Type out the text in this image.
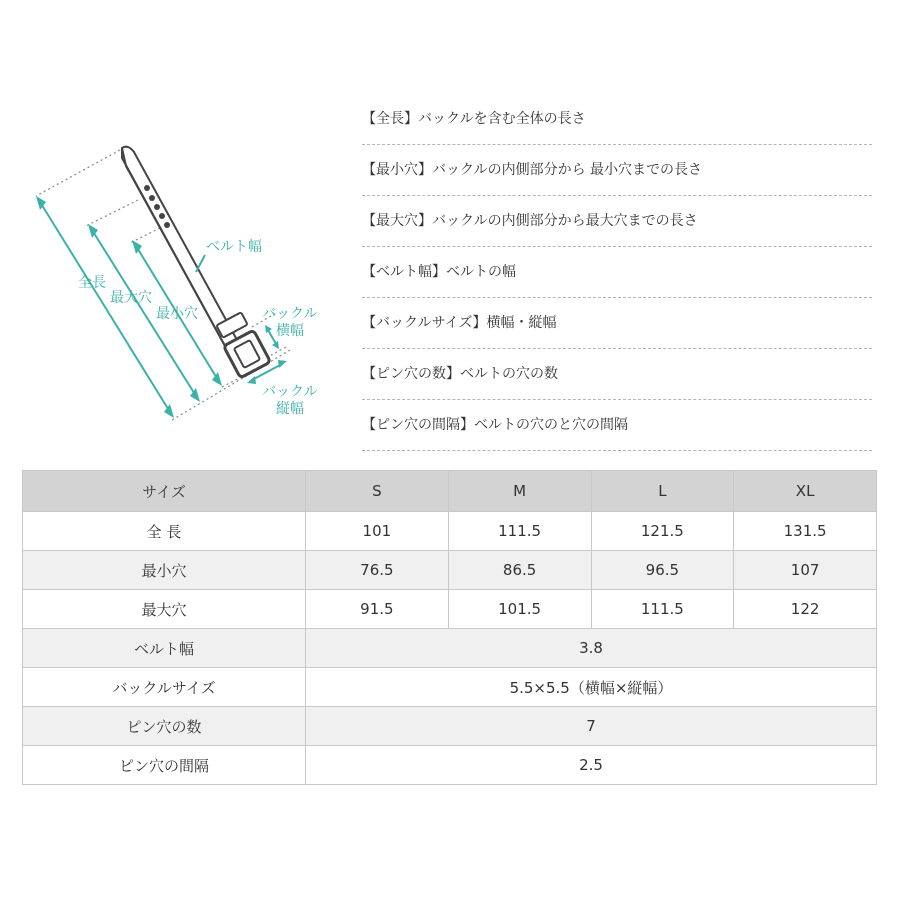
ベルト幅
全長
最大穴
最小穴	バックル
横幅
バックル
縦幅
【全長】バックルを含む全体の長さ
【最小穴】バックルの内側部分から 最小穴までの長さ
【最大穴】バックルの内側部分から最大穴までの長さ
【ベルト幅】ベルトの幅
【バックルサイズ】横幅・縦幅
【ピン穴の数】ベルトの穴の数
【ピン穴の間隔】ベルトの穴のと穴の間隔
サイズ	S	M	L	XL
全 長	101	111.5	121.5	131.5
最小穴	76.5	86.5	96.5	107
最大穴	91.5	101.5	111.5	122
ベルト幅	3.8			
バックルサイズ	5.5×5.5（横幅×縦幅）			
ピン穴の数	7			
ピン穴の間隔	2.5			
